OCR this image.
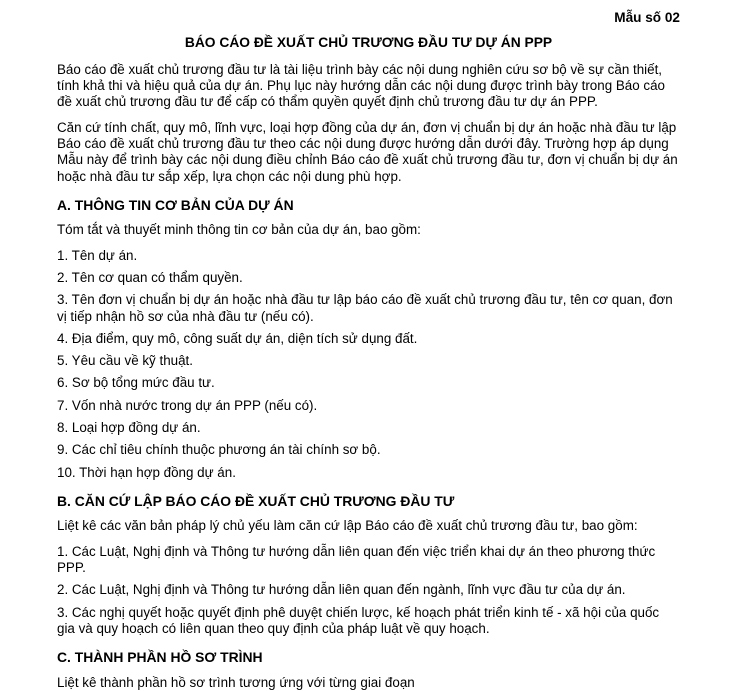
Mẫu số 02
BÁO CÁO ĐỀ XUẤT CHỦ TRƯƠNG ĐẦU TƯ DỰ ÁN PPP

Báo cáo đề xuất chủ trương đầu tư là tài liệu trình bày các nội dung nghiên cứu sơ bộ về sự cần thiết, tính khả thi và hiệu quả của dự án. Phụ lục này hướng dẫn các nội dung được trình bày trong Báo cáo đề xuất chủ trương đầu tư để cấp có thẩm quyền quyết định chủ trương đầu tư dự án PPP.

Căn cứ tính chất, quy mô, lĩnh vực, loại hợp đồng của dự án, đơn vị chuẩn bị dự án hoặc nhà đầu tư lập Báo cáo đề xuất chủ trương đầu tư theo các nội dung được hướng dẫn dưới đây. Trường hợp áp dụng Mẫu này để trình bày các nội dung điều chỉnh Báo cáo đề xuất chủ trương đầu tư, đơn vị chuẩn bị dự án hoặc nhà đầu tư sắp xếp, lựa chọn các nội dung phù hợp.

A. THÔNG TIN CƠ BẢN CỦA DỰ ÁN

Tóm tắt và thuyết minh thông tin cơ bản của dự án, bao gồm:

1. Tên dự án.

2. Tên cơ quan có thẩm quyền.

3. Tên đơn vị chuẩn bị dự án hoặc nhà đầu tư lập báo cáo đề xuất chủ trương đầu tư, tên cơ quan, đơn vị tiếp nhận hồ sơ của nhà đầu tư (nếu có).

4. Địa điểm, quy mô, công suất dự án, diện tích sử dụng đất.

5. Yêu cầu về kỹ thuật.

6. Sơ bộ tổng mức đầu tư.

7. Vốn nhà nước trong dự án PPP (nếu có).

8. Loại hợp đồng dự án.

9. Các chỉ tiêu chính thuộc phương án tài chính sơ bộ.

10. Thời hạn hợp đồng dự án.

B. CĂN CỨ LẬP BÁO CÁO ĐỀ XUẤT CHỦ TRƯƠNG ĐẦU TƯ

Liệt kê các văn bản pháp lý chủ yếu làm căn cứ lập Báo cáo đề xuất chủ trương đầu tư, bao gồm:

1. Các Luật, Nghị định và Thông tư hướng dẫn liên quan đến việc triển khai dự án theo phương thức PPP.

2. Các Luật, Nghị định và Thông tư hướng dẫn liên quan đến ngành, lĩnh vực đầu tư của dự án.

3. Các nghị quyết hoặc quyết định phê duyệt chiến lược, kế hoạch phát triển kinh tế - xã hội của quốc gia và quy hoạch có liên quan theo quy định của pháp luật về quy hoạch.

C. THÀNH PHẦN HỒ SƠ TRÌNH

Liệt kê thành phần hồ sơ trình tương ứng với từng giai đoạn
